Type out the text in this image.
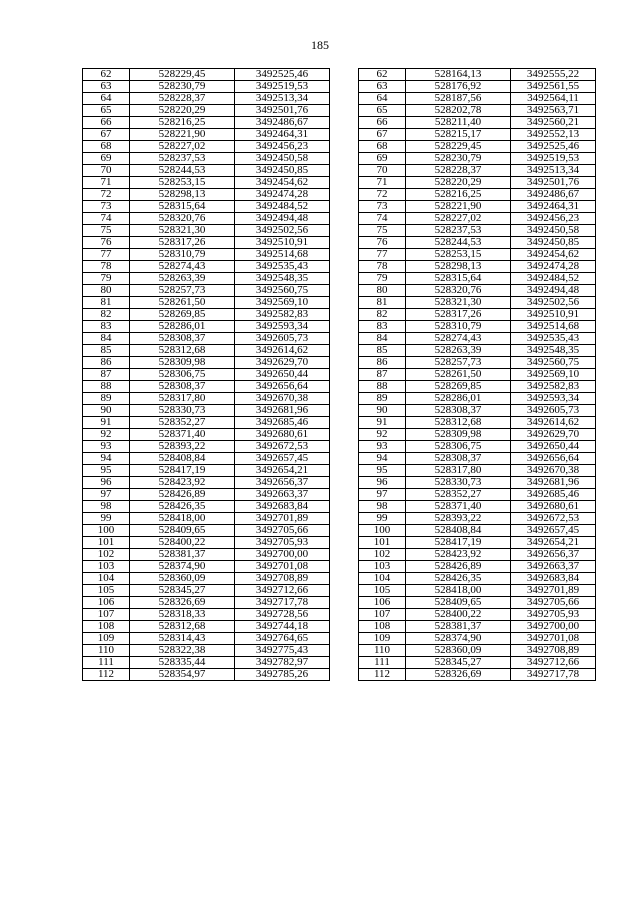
185
62	528229,45	3492525,46
63	528230,79	3492519,53
64	528228,37	3492513,34
65	528220,29	3492501,76
66	528216,25	3492486,67
67	528221,90	3492464,31
68	528227,02	3492456,23
69	528237,53	3492450,58
70	528244,53	3492450,85
71	528253,15	3492454,62
72	528298,13	3492474,28
73	528315,64	3492484,52
74	528320,76	3492494,48
75	528321,30	3492502,56
76	528317,26	3492510,91
77	528310,79	3492514,68
78	528274,43	3492535,43
79	528263,39	3492548,35
80	528257,73	3492560,75
81	528261,50	3492569,10
82	528269,85	3492582,83
83	528286,01	3492593,34
84	528308,37	3492605,73
85	528312,68	3492614,62
86	528309,98	3492629,70
87	528306,75	3492650,44
88	528308,37	3492656,64
89	528317,80	3492670,38
90	528330,73	3492681,96
91	528352,27	3492685,46
92	528371,40	3492680,61
93	528393,22	3492672,53
94	528408,84	3492657,45
95	528417,19	3492654,21
96	528423,92	3492656,37
97	528426,89	3492663,37
98	528426,35	3492683,84
99	528418,00	3492701,89
100	528409,65	3492705,66
101	528400,22	3492705,93
102	528381,37	3492700,00
103	528374,90	3492701,08
104	528360,09	3492708,89
105	528345,27	3492712,66
106	528326,69	3492717,78
107	528318,33	3492728,56
108	528312,68	3492744,18
109	528314,43	3492764,65
110	528322,38	3492775,43
111	528335,44	3492782,97
112	528354,97	3492785,26
62	528164,13	3492555,22
63	528176,92	3492561,55
64	528187,56	3492564,11
65	528202,78	3492563,71
66	528211,40	3492560,21
67	528215,17	3492552,13
68	528229,45	3492525,46
69	528230,79	3492519,53
70	528228,37	3492513,34
71	528220,29	3492501,76
72	528216,25	3492486,67
73	528221,90	3492464,31
74	528227,02	3492456,23
75	528237,53	3492450,58
76	528244,53	3492450,85
77	528253,15	3492454,62
78	528298,13	3492474,28
79	528315,64	3492484,52
80	528320,76	3492494,48
81	528321,30	3492502,56
82	528317,26	3492510,91
83	528310,79	3492514,68
84	528274,43	3492535,43
85	528263,39	3492548,35
86	528257,73	3492560,75
87	528261,50	3492569,10
88	528269,85	3492582,83
89	528286,01	3492593,34
90	528308,37	3492605,73
91	528312,68	3492614,62
92	528309,98	3492629,70
93	528306,75	3492650,44
94	528308,37	3492656,64
95	528317,80	3492670,38
96	528330,73	3492681,96
97	528352,27	3492685,46
98	528371,40	3492680,61
99	528393,22	3492672,53
100	528408,84	3492657,45
101	528417,19	3492654,21
102	528423,92	3492656,37
103	528426,89	3492663,37
104	528426,35	3492683,84
105	528418,00	3492701,89
106	528409,65	3492705,66
107	528400,22	3492705,93
108	528381,37	3492700,00
109	528374,90	3492701,08
110	528360,09	3492708,89
111	528345,27	3492712,66
112	528326,69	3492717,78
